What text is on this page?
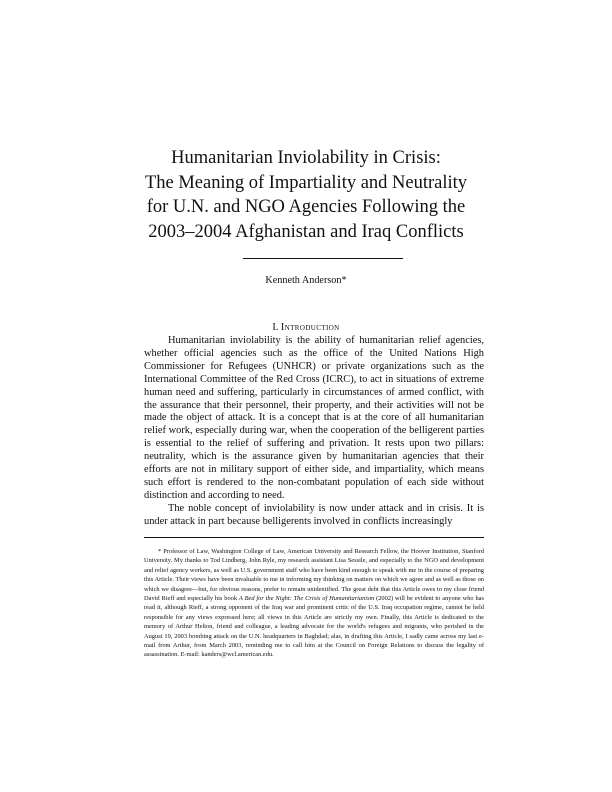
Humanitarian Inviolability in Crisis:
The Meaning of Impartiality and Neutrality
for U.N. and NGO Agencies Following the
2003–2004 Afghanistan and Iraq Conflicts
Kenneth Anderson*
I. Introduction

Humanitarian inviolability is the ability of humanitarian relief agencies, whether official agencies such as the office of the United Nations High Commissioner for Refugees (UNHCR) or private organizations such as the International Committee of the Red Cross (ICRC), to act in situations of extreme human need and suffering, particularly in circumstances of armed conflict, with the assurance that their personnel, their property, and their activities will not be made the object of attack. It is a concept that is at the core of all humanitarian relief work, especially during war, when the cooperation of the belligerent parties is essential to the relief of suffering and privation. It rests upon two pillars: neutrality, which is the assurance given by humanitarian agencies that their efforts are not in military support of either side, and impartiality, which means such effort is rendered to the non-combatant population of each side without distinction and according to need.

The noble concept of inviolability is now under attack and in crisis. It is under attack in part because belligerents involved in conflicts increasingly

* Professor of Law, Washington College of Law, American University and Research Fellow, the Hoover Institution, Stanford University. My thanks to Tod Lindberg, John Ryle, my research assistant Lisa Sessile, and especially to the NGO and development and relief agency workers, as well as U.S. government staff who have been kind enough to speak with me in the course of preparing this Article. Their views have been invaluable to me in informing my thinking on matters on which we agree and as well as those on which we disagree—but, for obvious reasons, prefer to remain unidentified. The great debt that this Article owes to my close friend David Rieff and especially his book A Bed for the Night: The Crisis of Humanitarianism (2002) will be evident to anyone who has read it, although Rieff, a strong opponent of the Iraq war and prominent critic of the U.S. Iraq occupation regime, cannot be held responsible for any views expressed here; all views in this Article are strictly my own. Finally, this Article is dedicated to the memory of Arthur Helton, friend and colleague, a leading advocate for the world's refugees and migrants, who perished in the August 19, 2003 bombing attack on the U.N. headquarters in Baghdad; alas, in drafting this Article, I sadly came across my last e-mail from Arthur, from March 2003, reminding me to call him at the Council on Foreign Relations to discuss the legality of assassination. E-mail: kanders@wcl.american.edu.
